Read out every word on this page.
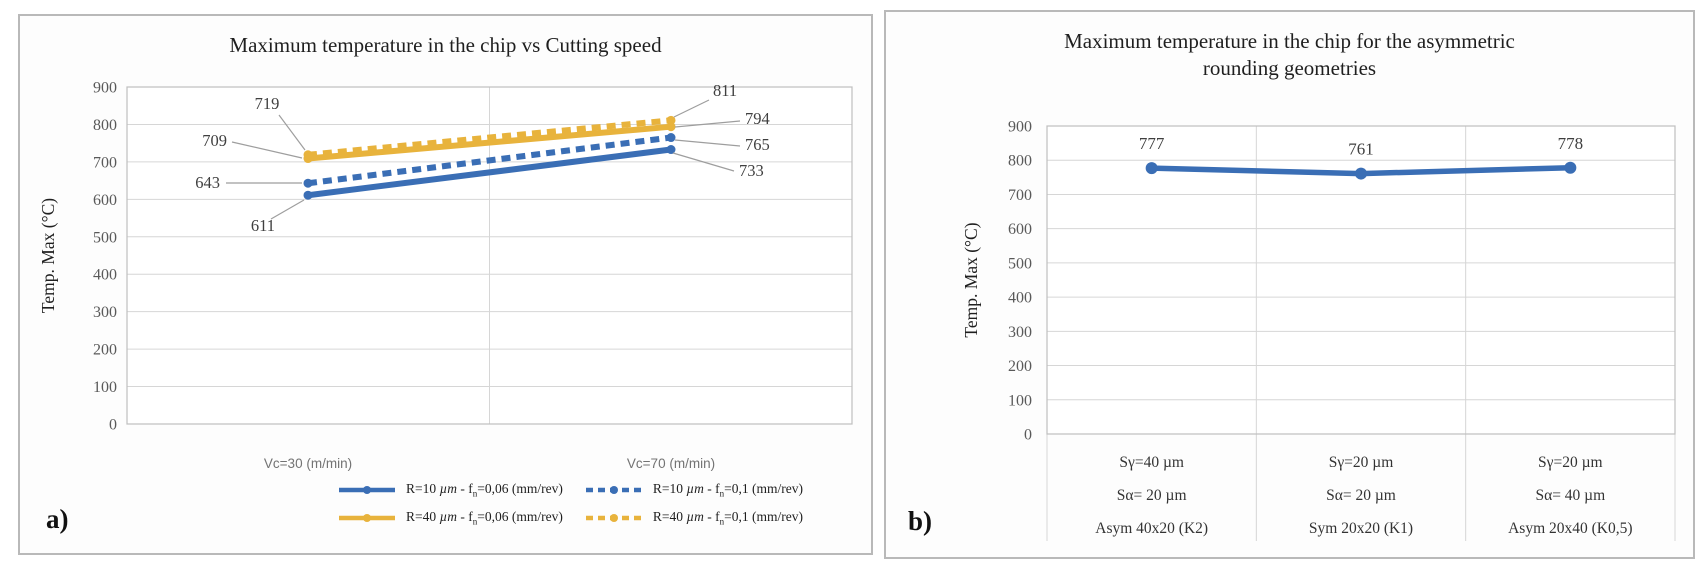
Maximum temperature in the chip vs Cutting speed
0
100
200
300
400
500
600
700
800
900
Temp. Max (°C)
Vc=30 (m/min)	Vc=70 (m/min)
611
733
643
765
709
794
719
811
R=10 $\mu m - f_n=0,06$ (mm/rev)	R=10 $\mu m - f_n=0,1$ (mm/rev)
R=40 $\mu m - f_n=0,06$ (mm/rev)	R=40 $\mu m - f_n=0,1$ (mm/rev)
a)
Maximum temperature in the chip for the asymmetric rounding geometries
0
100
200
300
400
500
600
700
800
900
Temp. Max (°C)
Sγ=40 µm
Sα= 20 µm
Asym 40x20 (K2)
Sγ=20 µm
Sα= 20 µm
Sym 20x20 (K1)
Sγ=20 µm
Sα= 40 µm
Asym 20x40 (K0,5)
777	761	778
b)
